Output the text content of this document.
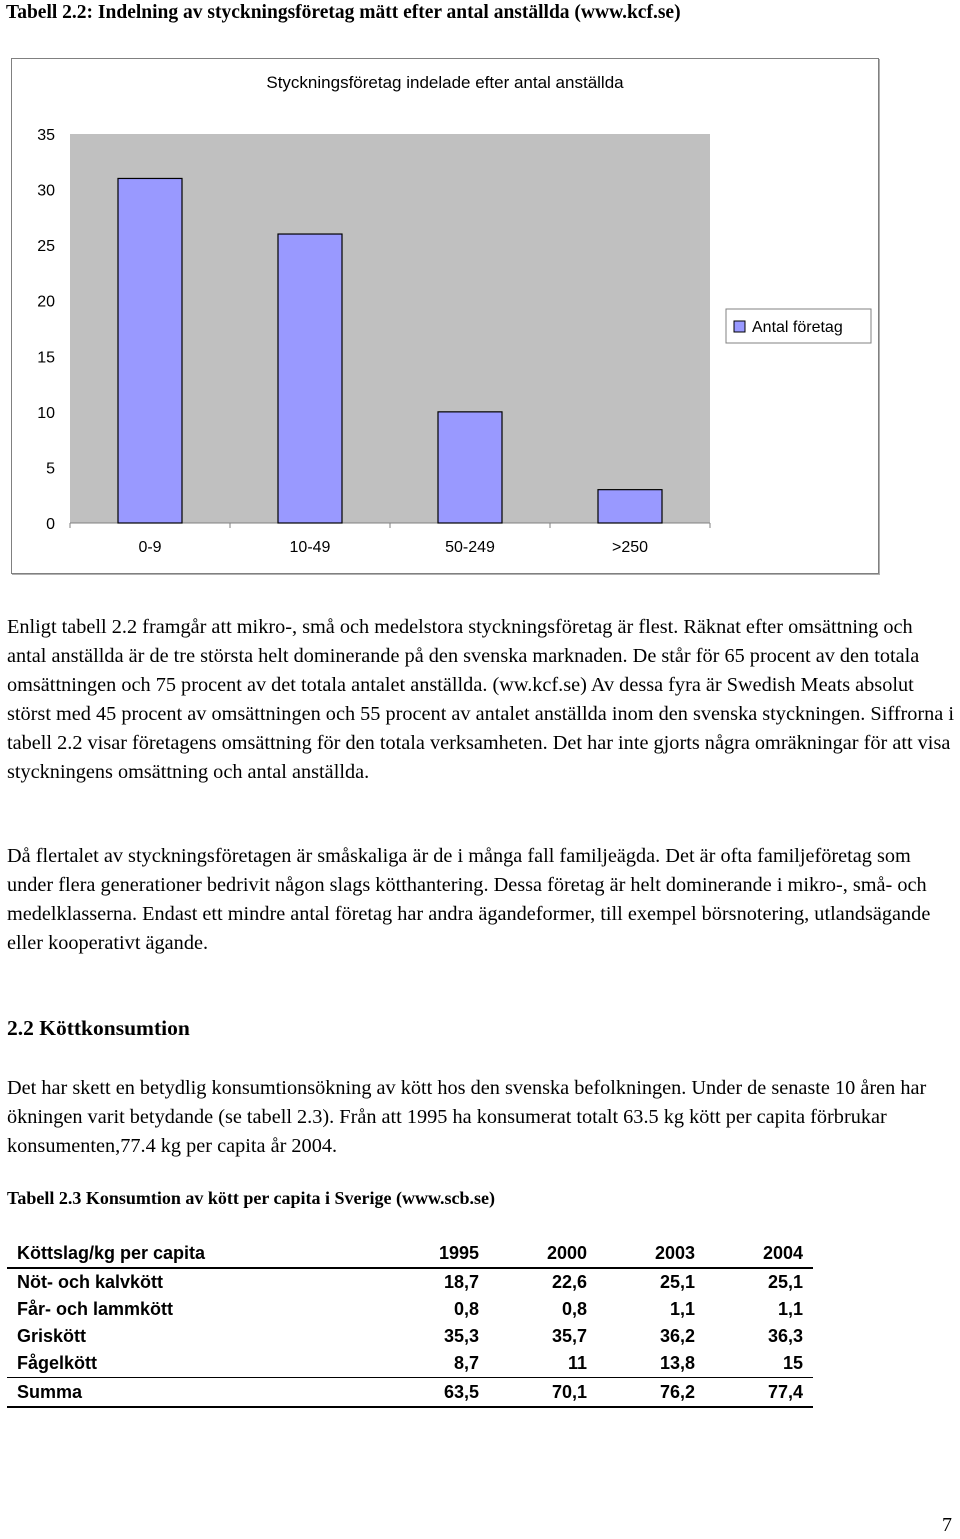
Tabell 2.2: Indelning av styckningsföretag mätt efter antal anställda (www.kcf.se)
Styckningsföretag indelade efter antal anställda
0
5
10
15
20
25
30
35
0-9	10-49	50-249	>250
Antal företag

Enligt tabell 2.2 framgår att mikro-, små och medelstora styckningsföretag är flest. Räknat efter omsättning och antal anställda är de tre största helt dominerande på den svenska marknaden. De står för 65 procent av den totala omsättningen och 75 procent av det totala antalet anställda. (ww.kcf.se) Av dessa fyra är Swedish Meats absolut störst med 45 procent av omsättningen och 55 procent av antalet anställda inom den svenska styckningen. Siffrorna i tabell 2.2 visar företagens omsättning för den totala verksamheten. Det har inte gjorts några omräkningar för att visa styckningens omsättning och antal anställda.

Då flertalet av styckningsföretagen är småskaliga är de i många fall familjeägda. Det är ofta familjeföretag som under flera generationer bedrivit någon slags kötthantering. Dessa företag är helt dominerande i mikro-, små- och medelklasserna. Endast ett mindre antal företag har andra ägandeformer, till exempel börsnotering, utlandsägande eller kooperativt ägande.

2.2 Köttkonsumtion

Det har skett en betydlig konsumtionsökning av kött hos den svenska befolkningen. Under de senaste 10 åren har ökningen varit betydande (se tabell 2.3). Från att 1995 ha konsumerat totalt 63.5 kg kött per capita förbrukar konsumenten,77.4 kg per capita år 2004.

Tabell 2.3 Konsumtion av kött per capita i Sverige (www.scb.se)

Köttslag/kg per capita	1995	2000	2003	2004
Nöt- och kalvkött	18,7	22,6	25,1	25,1
Får- och lammkött	0,8	0,8	1,1	1,1
Griskött	35,3	35,7	36,2	36,3
Fågelkött	8,7	11	13,8	15
Summa	63,5	70,1	76,2	77,4
7
